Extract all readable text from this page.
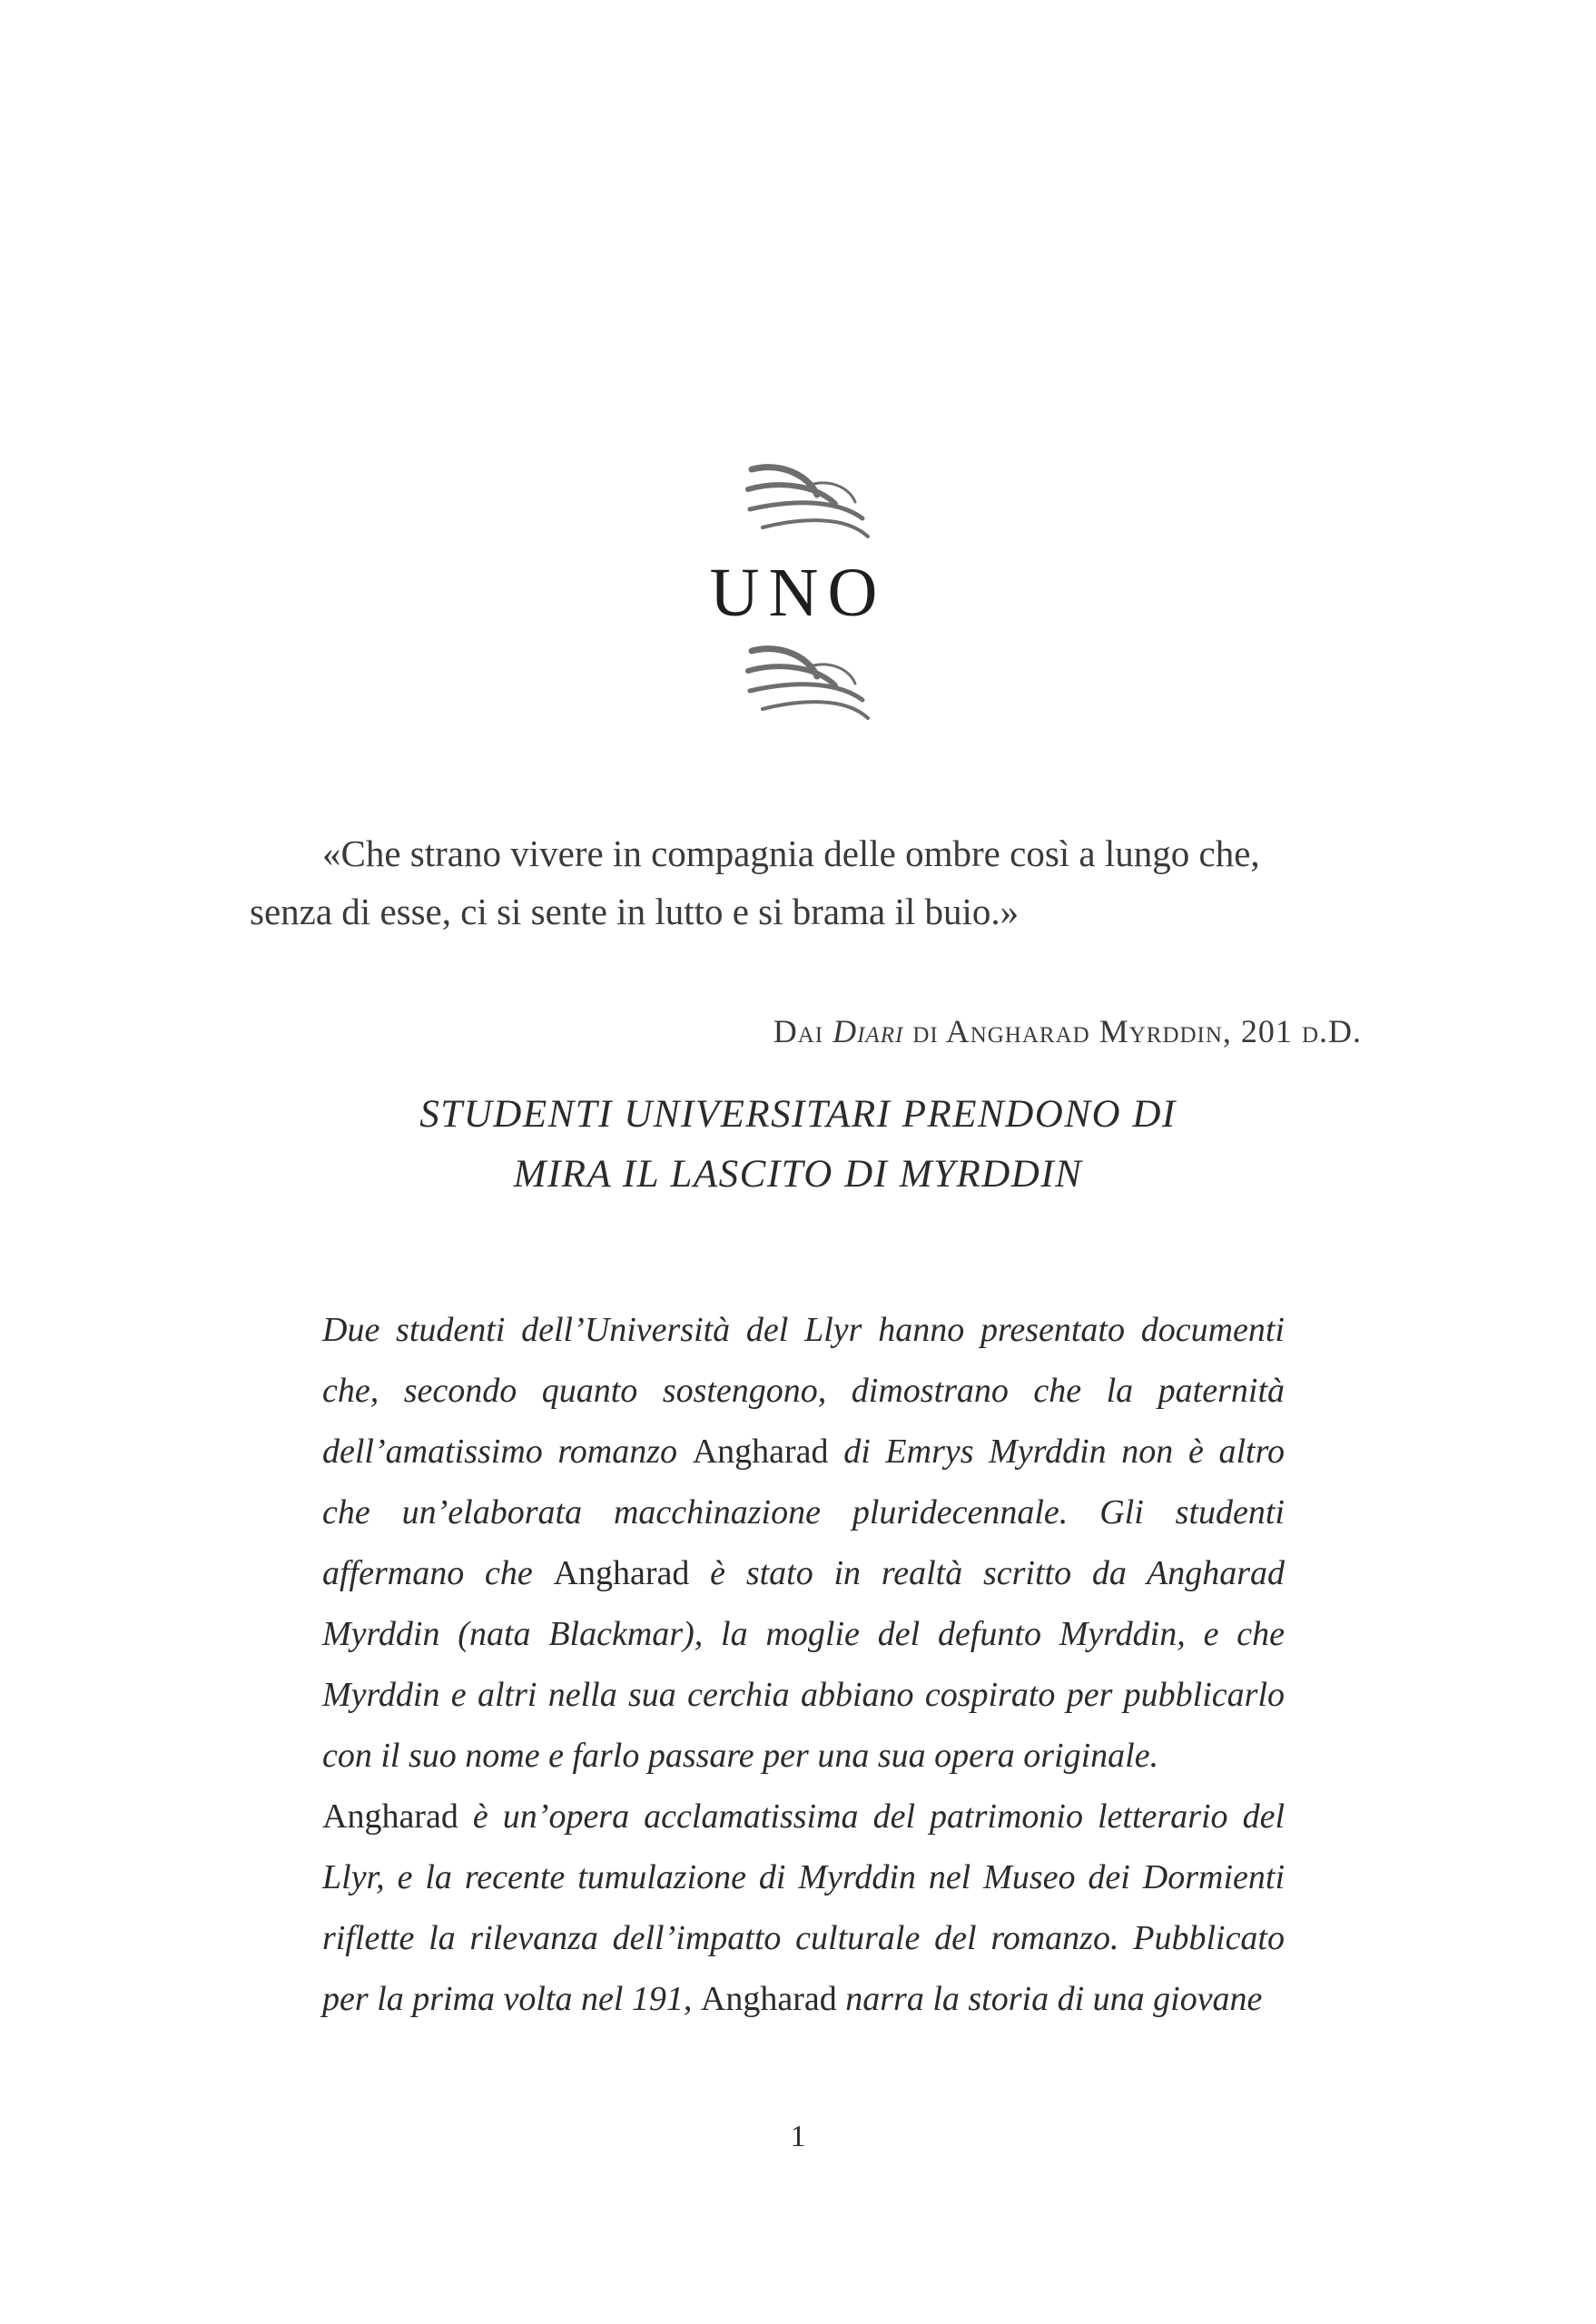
UNO
«Che strano vivere in compagnia delle ombre così a lungo che,
senza di esse, ci si sente in lutto e si brama il buio.»
Dai Diari di Angharad Myrddin, 201 d.D.
STUDENTI UNIVERSITARI PRENDONO DI
MIRA IL LASCITO DI MYRDDIN

Due studenti dell’Università del Llyr hanno presentato documenti che, secondo quanto sostengono, dimostrano che la paternità dell’amatissimo romanzo Angharad di Emrys Myrddin non è altro che un’elaborata macchinazione pluridecennale. Gli studenti affermano che Angharad è stato in realtà scritto da Angharad Myrddin (nata Blackmar), la moglie del defunto Myrddin, e che Myrddin e altri nella sua cerchia abbiano cospirato per pubblicarlo con il suo nome e farlo passare per una sua opera originale.

Angharad è un’opera acclamatissima del patrimonio letterario del Llyr, e la recente tumulazione di Myrddin nel Museo dei Dormienti riflette la rilevanza dell’impatto culturale del romanzo. Pubblicato per la prima volta nel 191, Angharad narra la storia di una giovane

1
